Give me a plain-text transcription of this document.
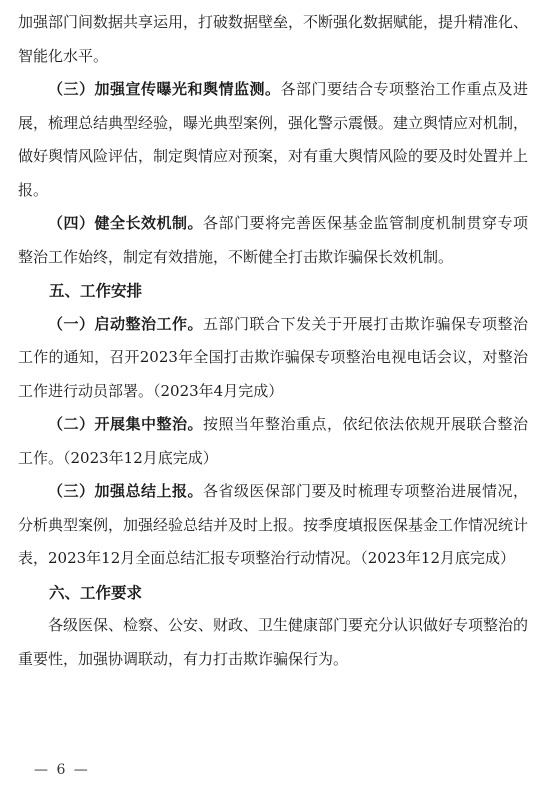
加强部门间数据共享运用，打破数据壁垒，不断强化数据赋能，提升精准化、智能化水平。

（三）加强宣传曝光和舆情监测。各部门要结合专项整治工作重点及进展，梳理总结典型经验，曝光典型案例，强化警示震慑。建立舆情应对机制，做好舆情风险评估，制定舆情应对预案，对有重大舆情风险的要及时处置并上报。

（四）健全长效机制。各部门要将完善医保基金监管制度机制贯穿专项整治工作始终，制定有效措施，不断健全打击欺诈骗保长效机制。

五、工作安排

（一）启动整治工作。五部门联合下发关于开展打击欺诈骗保专项整治工作的通知，召开2023年全国打击欺诈骗保专项整治电视电话会议，对整治工作进行动员部署。（2023年4月完成）

（二）开展集中整治。按照当年整治重点，依纪依法依规开展联合整治工作。（2023年12月底完成）

（三）加强总结上报。各省级医保部门要及时梳理专项整治进展情况，分析典型案例，加强经验总结并及时上报。按季度填报医保基金工作情况统计表，2023年12月全面总结汇报专项整治行动情况。（2023年12月底完成）

六、工作要求

各级医保、检察、公安、财政、卫生健康部门要充分认识做好专项整治的重要性，加强协调联动，有力打击欺诈骗保行为。

— 6 —
